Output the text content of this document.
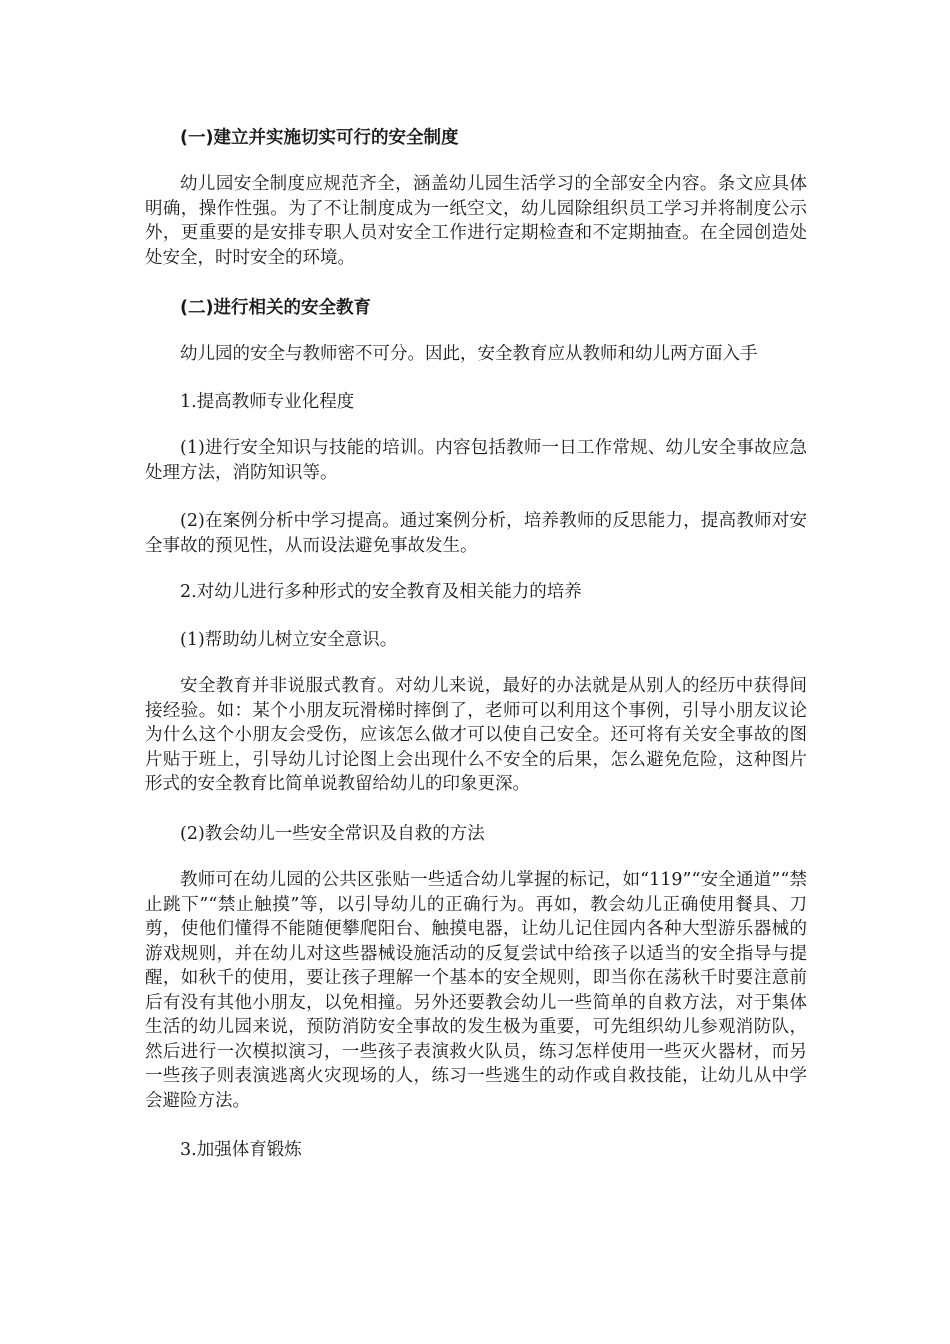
(一)建立并实施切实可行的安全制度

幼儿园安全制度应规范齐全，涵盖幼儿园生活学习的全部安全内容。条文应具体明确，操作性强。为了不让制度成为一纸空文，幼儿园除组织员工学习并将制度公示外，更重要的是安排专职人员对安全工作进行定期检查和不定期抽查。在全园创造处处安全，时时安全的环境。

(二)进行相关的安全教育

幼儿园的安全与教师密不可分。因此，安全教育应从教师和幼儿两方面入手

1.提高教师专业化程度

(1)进行安全知识与技能的培训。内容包括教师一日工作常规、幼儿安全事故应急处理方法，消防知识等。

(2)在案例分析中学习提高。通过案例分析，培养教师的反思能力，提高教师对安全事故的预见性，从而设法避免事故发生。

2.对幼儿进行多种形式的安全教育及相关能力的培养

(1)帮助幼儿树立安全意识。

安全教育并非说服式教育。对幼儿来说，最好的办法就是从别人的经历中获得间接经验。如：某个小朋友玩滑梯时摔倒了，老师可以利用这个事例，引导小朋友议论为什么这个小朋友会受伤，应该怎么做才可以使自己安全。还可将有关安全事故的图片贴于班上，引导幼儿讨论图上会出现什么不安全的后果，怎么避免危险，这种图片形式的安全教育比简单说教留给幼儿的印象更深。

(2)教会幼儿一些安全常识及自救的方法

教师可在幼儿园的公共区张贴一些适合幼儿掌握的标记，如“119”“安全通道”“禁止跳下”“禁止触摸”等，以引导幼儿的正确行为。再如，教会幼儿正确使用餐具、刀剪，使他们懂得不能随便攀爬阳台、触摸电器，让幼儿记住园内各种大型游乐器械的游戏规则，并在幼儿对这些器械设施活动的反复尝试中给孩子以适当的安全指导与提醒，如秋千的使用，要让孩子理解一个基本的安全规则，即当你在荡秋千时要注意前后有没有其他小朋友，以免相撞。另外还要教会幼儿一些简单的自救方法，对于集体生活的幼儿园来说，预防消防安全事故的发生极为重要，可先组织幼儿参观消防队，然后进行一次模拟演习，一些孩子表演救火队员，练习怎样使用一些灭火器材，而另一些孩子则表演逃离火灾现场的人，练习一些逃生的动作或自救技能，让幼儿从中学会避险方法。

3.加强体育锻炼
